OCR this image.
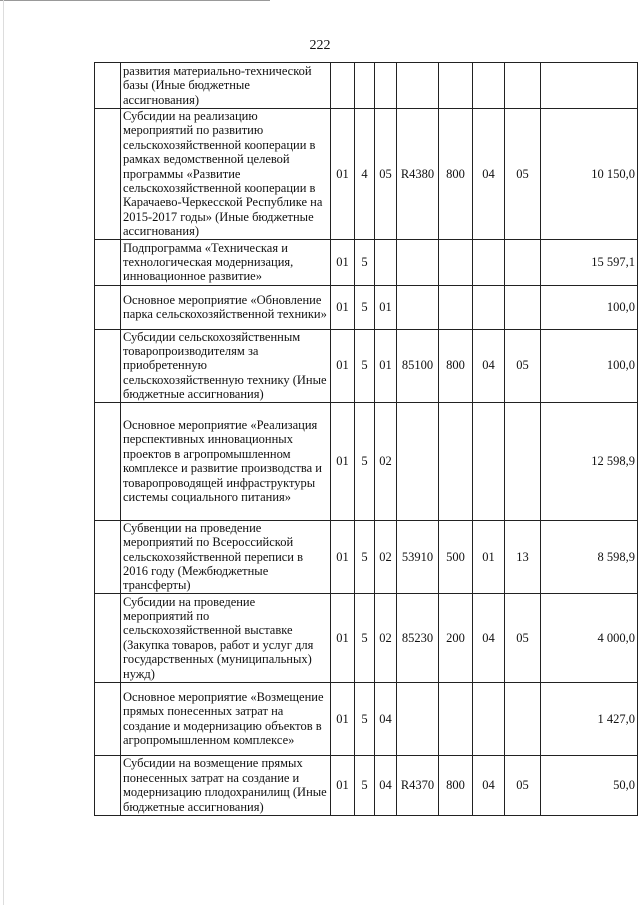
222
	развития материально-технической базы (Иные бюджетные ассигнования)								
	Субсидии на реализацию мероприятий по развитию сельскохозяйственной кооперации в рамках ведомственной целевой программы «Развитие сельскохозяйственной кооперации в Карачаево-Черкесской Республике на 2015-2017 годы» (Иные бюджетные ассигнования)	01	4	05	R4380	800	04	05	10 150,0
	Подпрограмма «Техническая и технологическая модернизация, инновационное развитие»	01	5						15 597,1
	Основное мероприятие «Обновление парка сельскохозяйственной техники»	01	5	01					100,0
	Субсидии сельскохозяйственным товаропроизводителям за приобретенную сельскохозяйственную технику (Иные бюджетные ассигнования)	01	5	01	85100	800	04	05	100,0
	Основное мероприятие «Реализация перспективных инновационных проектов в агропромышленном комплексе и развитие производства и товаропроводящей инфраструктуры системы социального питания»	01	5	02					12 598,9
	Субвенции на проведение мероприятий по Всероссийской сельскохозяйственной переписи в 2016 году (Межбюджетные трансферты)	01	5	02	53910	500	01	13	8 598,9
	Субсидии на проведение мероприятий по сельскохозяйственной выставке (Закупка товаров, работ и услуг для государственных (муниципальных) нужд)	01	5	02	85230	200	04	05	4 000,0
	Основное мероприятие «Возмещение прямых понесенных затрат на создание и модернизацию объектов в агропромышленном комплексе»	01	5	04					1 427,0
	Субсидии на возмещение прямых понесенных затрат на создание и модернизацию плодохранилищ (Иные бюджетные ассигнования)	01	5	04	R4370	800	04	05	50,0
